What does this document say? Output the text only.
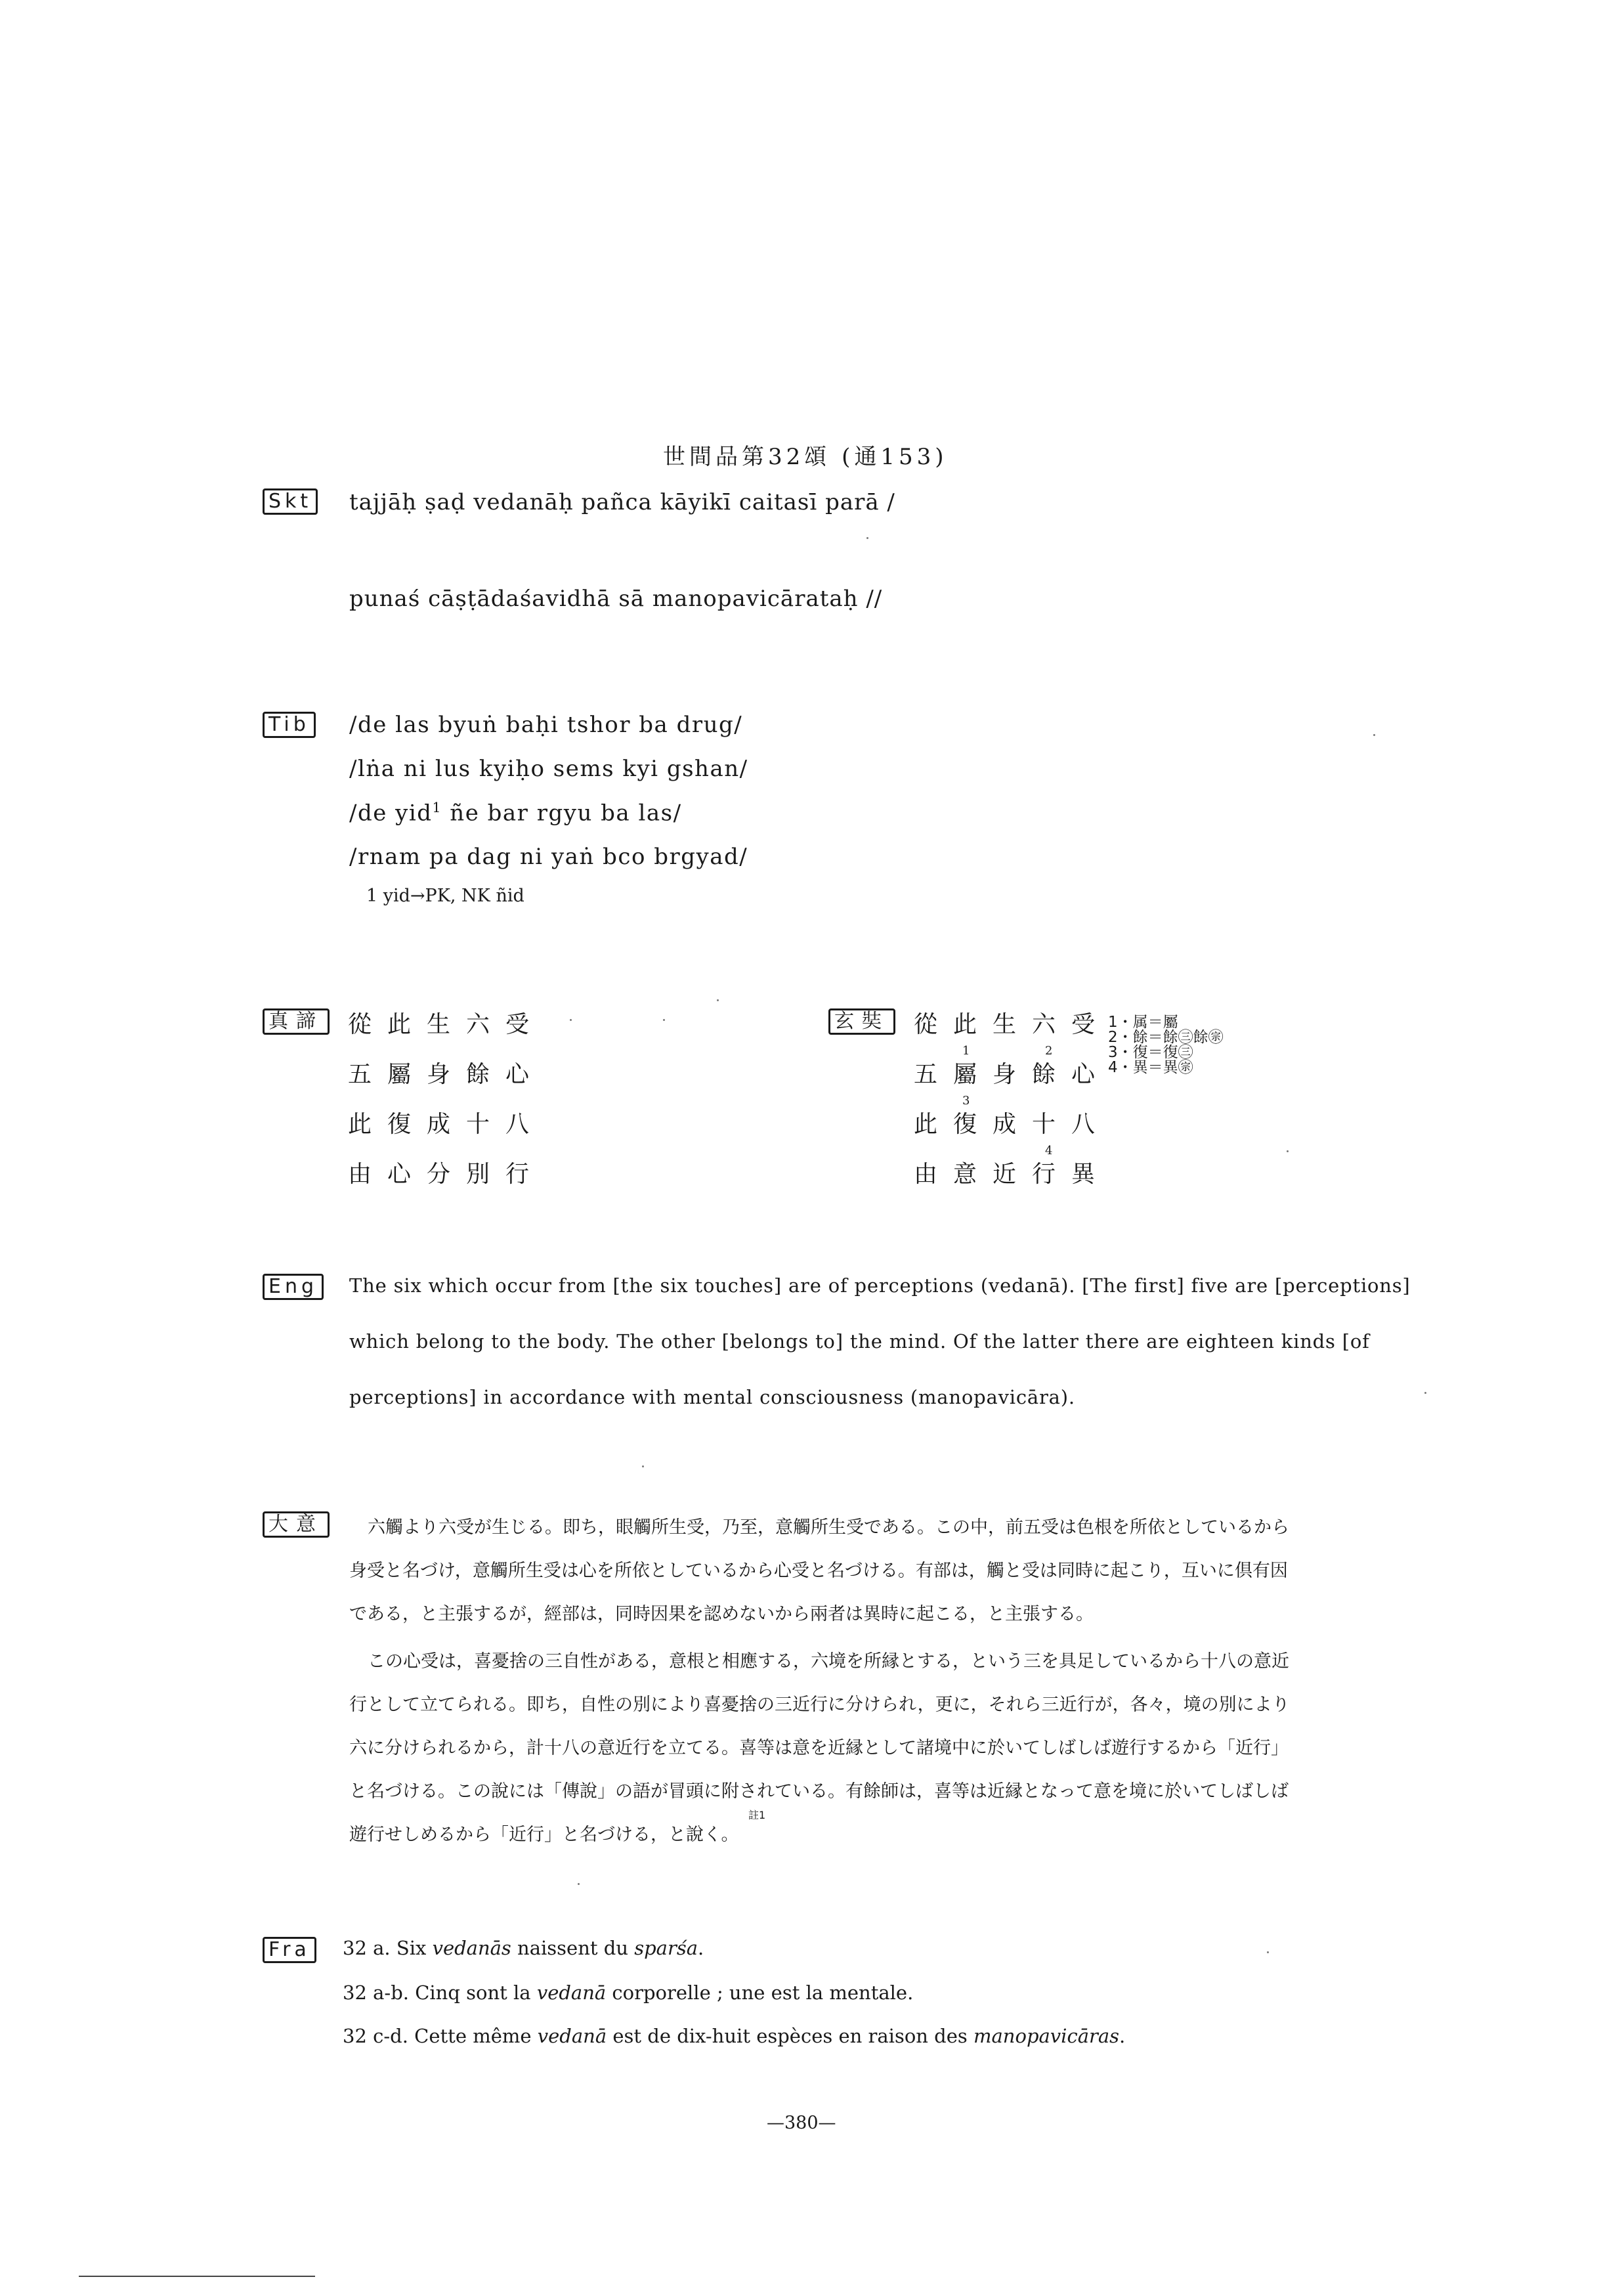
世間品第32頌 (通153)
Skt tajjāḥ ṣaḍ vedanāḥ pañca kāyikī caitasī parā /
punaś cāṣṭādaśavidhā sā manopavicārataḥ //
Tib /de las byuṅ baḥi tshor ba drug/
/lṅa ni lus kyiḥo sems kyi gshan/
/de yid$^1$ ñe bar rgyu ba las/
/rnam pa dag ni yaṅ bco brgyad/
1 yid→PK, NK ñid
真諦 從此生六受
五屬身餘心
此復成十八
由心分別行
玄奘 從此生六受
五屬身餘心
此復成十八
由意近行異
1	2
3
4
1・属＝屬
2・餘＝餘㊂餘㊪
3・復＝復㊂
4・異＝異㊪
Eng	The six which occur from [the six touches] are of perceptions (vedanā). [The first] five are [perceptions]
which belong to the body. The other [belongs to] the mind. Of the latter there are eighteen kinds [of
perceptions] in accordance with mental consciousness (manopavicāra).
大意	六觸より六受が生じる。即ち，眼觸所生受，乃至，意觸所生受である。この中，前五受は色根を所依としているから
身受と名づけ，意觸所生受は心を所依としているから心受と名づける。有部は，觸と受は同時に起こり，互いに倶有因
である，と主張するが，經部は，同時因果を認めないから兩者は異時に起こる，と主張する。
この心受は，喜憂捨の三自性がある，意根と相應する，六境を所縁とする，という三を具足しているから十八の意近
行として立てられる。即ち，自性の別により喜憂捨の三近行に分けられ，更に，それら三近行が，各々，境の別により
六に分けられるから，計十八の意近行を立てる。喜等は意を近縁として諸境中に於いてしばしば遊行するから「近行」
と名づける。この說には「傳說」の語が冒頭に附されている。有餘師は，喜等は近縁となって意を境に於いてしばしば
遊行せしめるから「近行」と名づける，と說く。
註1
Fra	32 a. Six vedanās naissent du sparśa.
32 a-b. Cinq sont la vedanā corporelle ; une est la mentale.
32 c-d. Cette même vedanā est de dix-huit espèces en raison des manopavicāras.
—380—
